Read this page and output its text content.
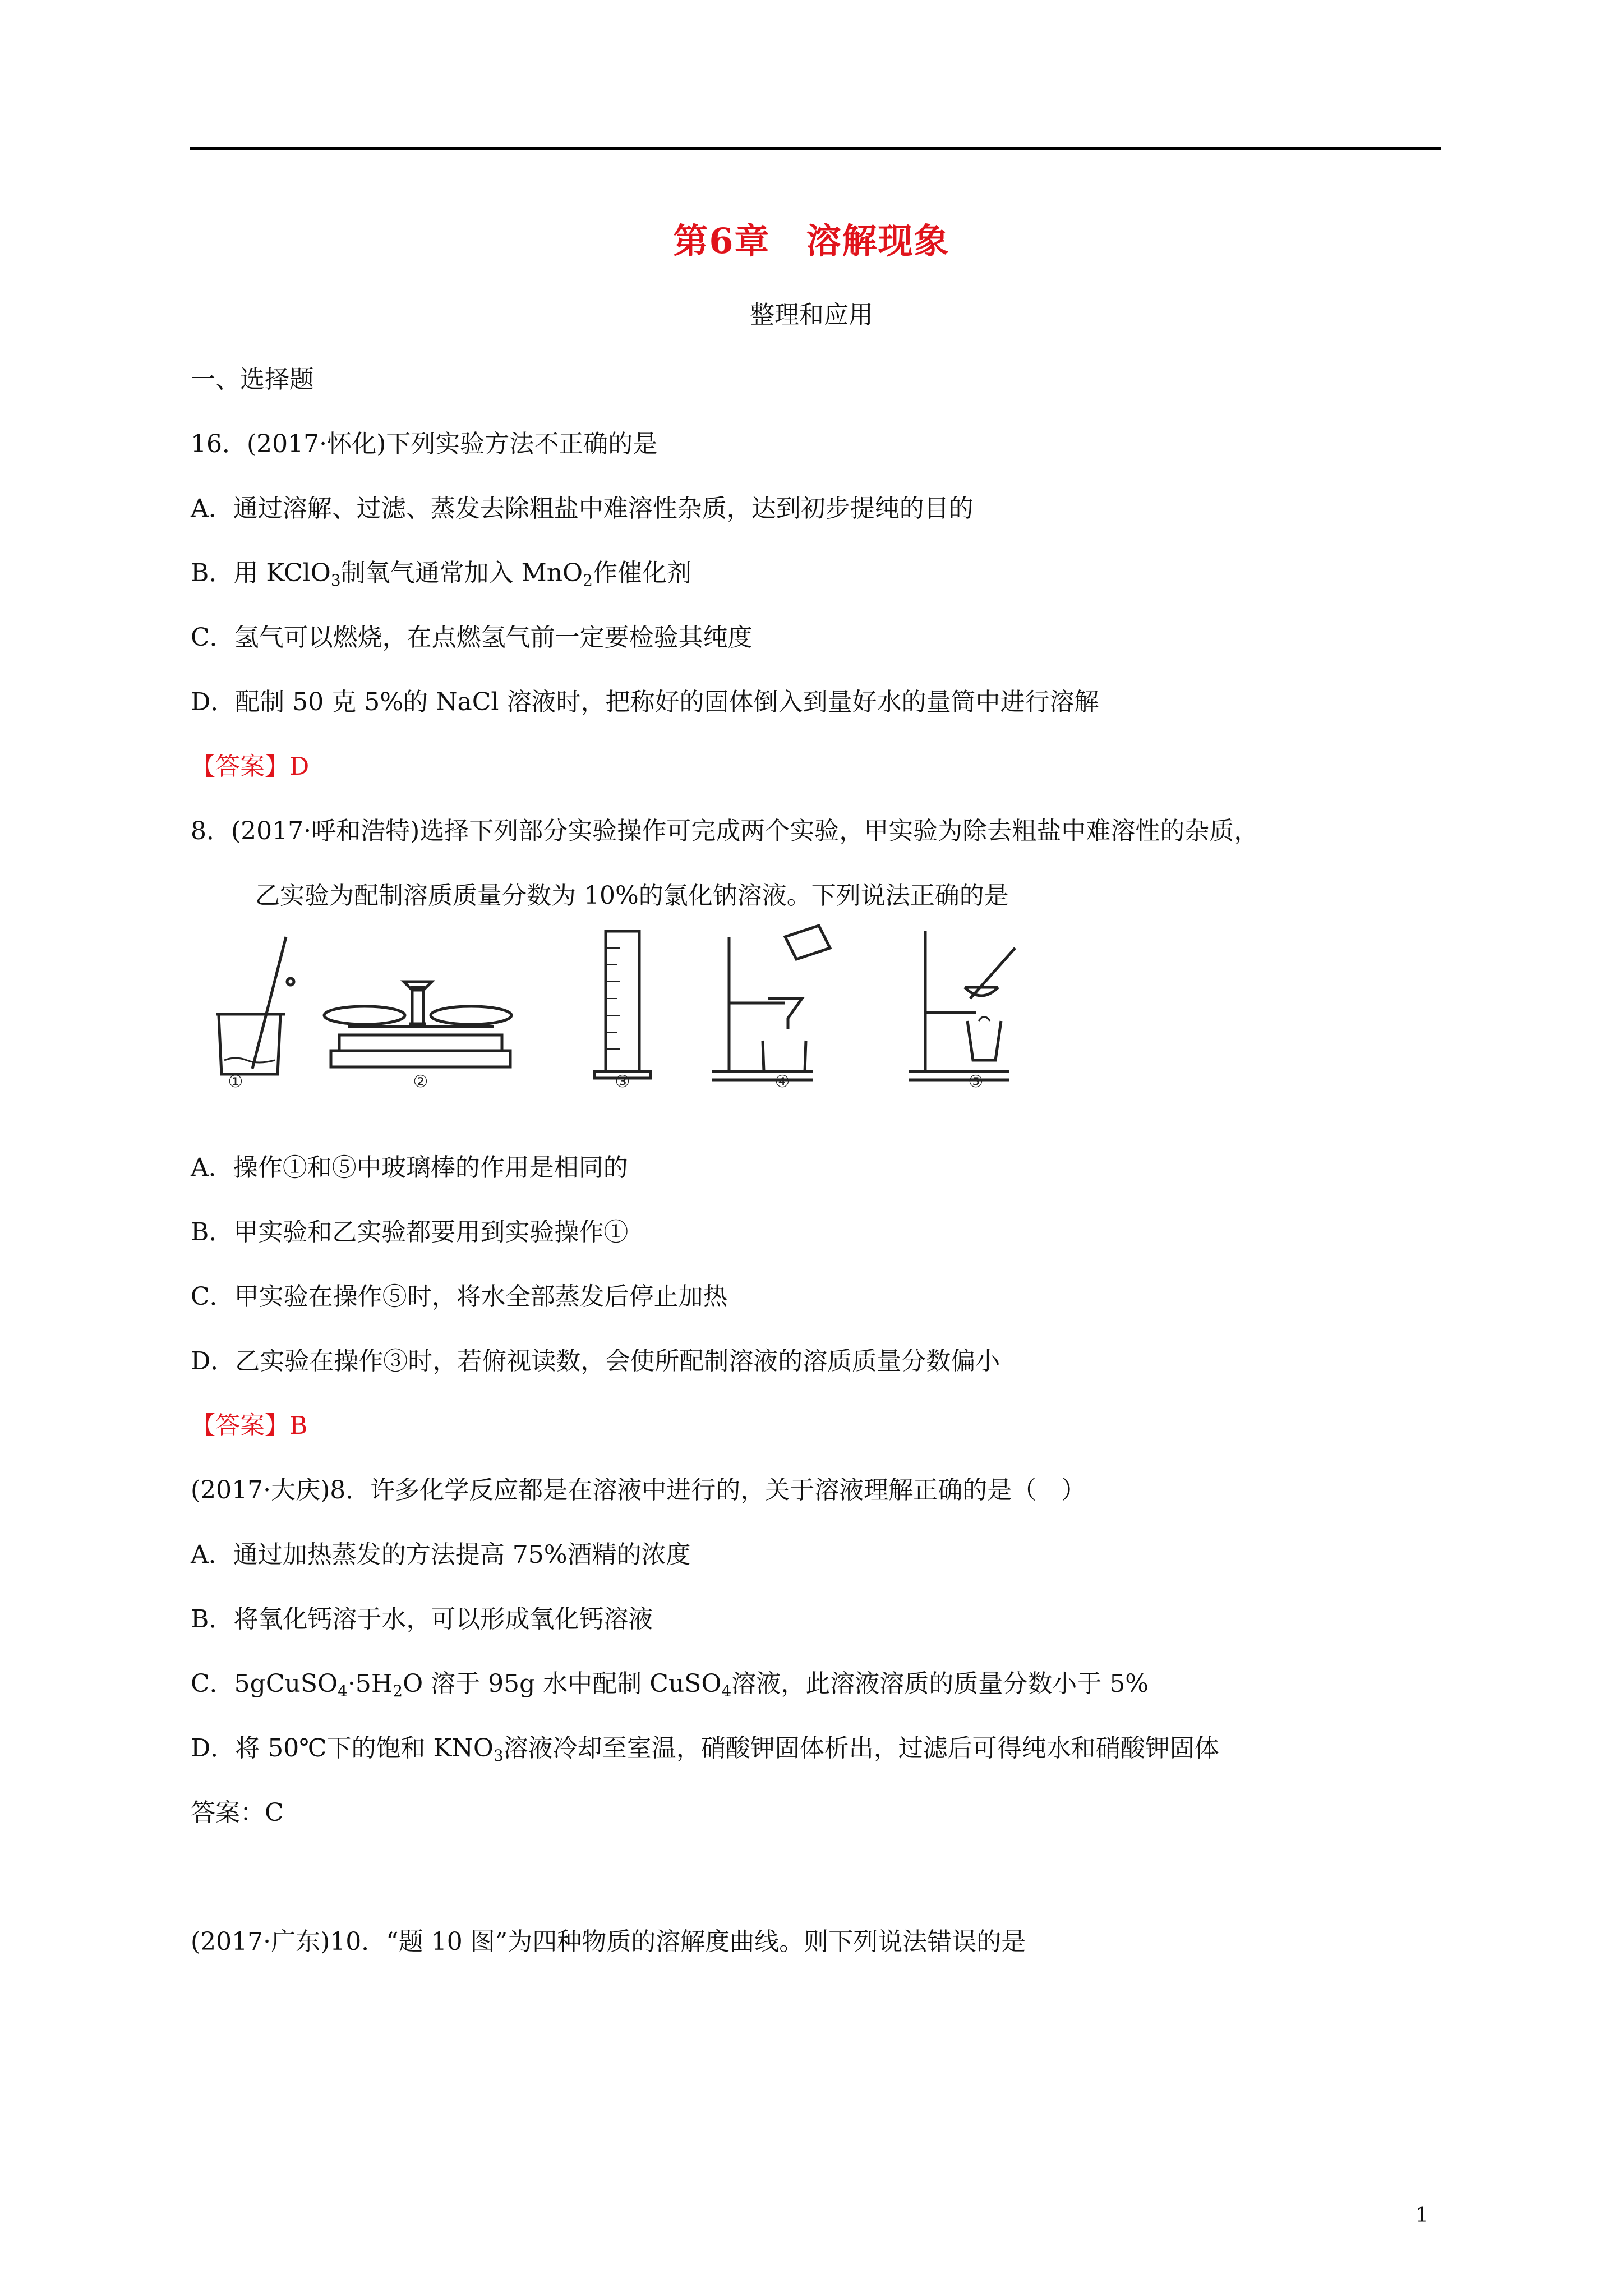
第6章　溶解现象
整理和应用
一、选择题
16．(2017·怀化)下列实验方法不正确的是
A．通过溶解、过滤、蒸发去除粗盐中难溶性杂质，达到初步提纯的目的
B．用 KClO$_3$制氧气通常加入 MnO$_2$作催化剂
C．氢气可以燃烧，在点燃氢气前一定要检验其纯度
D．配制 50 克 5%的 NaCl 溶液时，把称好的固体倒入到量好水的量筒中进行溶解
【答案】D
8．(2017·呼和浩特)选择下列部分实验操作可完成两个实验，甲实验为除去粗盐中难溶性的杂质，
乙实验为配制溶质质量分数为 10%的氯化钠溶液。下列说法正确的是
①	②	③	④	⑤
A．操作①和⑤中玻璃棒的作用是相同的
B．甲实验和乙实验都要用到实验操作①
C．甲实验在操作⑤时，将水全部蒸发后停止加热
D．乙实验在操作③时，若俯视读数，会使所配制溶液的溶质质量分数偏小
【答案】B
(2017·大庆)8．许多化学反应都是在溶液中进行的，关于溶液理解正确的是（　）
A．通过加热蒸发的方法提高 75%酒精的浓度
B．将氧化钙溶于水，可以形成氧化钙溶液
C．$5gCuSO_4\cdot 5H_2O$ 溶于 95g 水中配制 CuSO$_4$溶液，此溶液溶质的质量分数小于 5%
D．将 50℃下的饱和 $KNO_3$溶液冷却至室温，硝酸钾固体析出，过滤后可得纯水和硝酸钾固体
答案：C
(2017·广东)10．“题 10 图”为四种物质的溶解度曲线。则下列说法错误的是
1
